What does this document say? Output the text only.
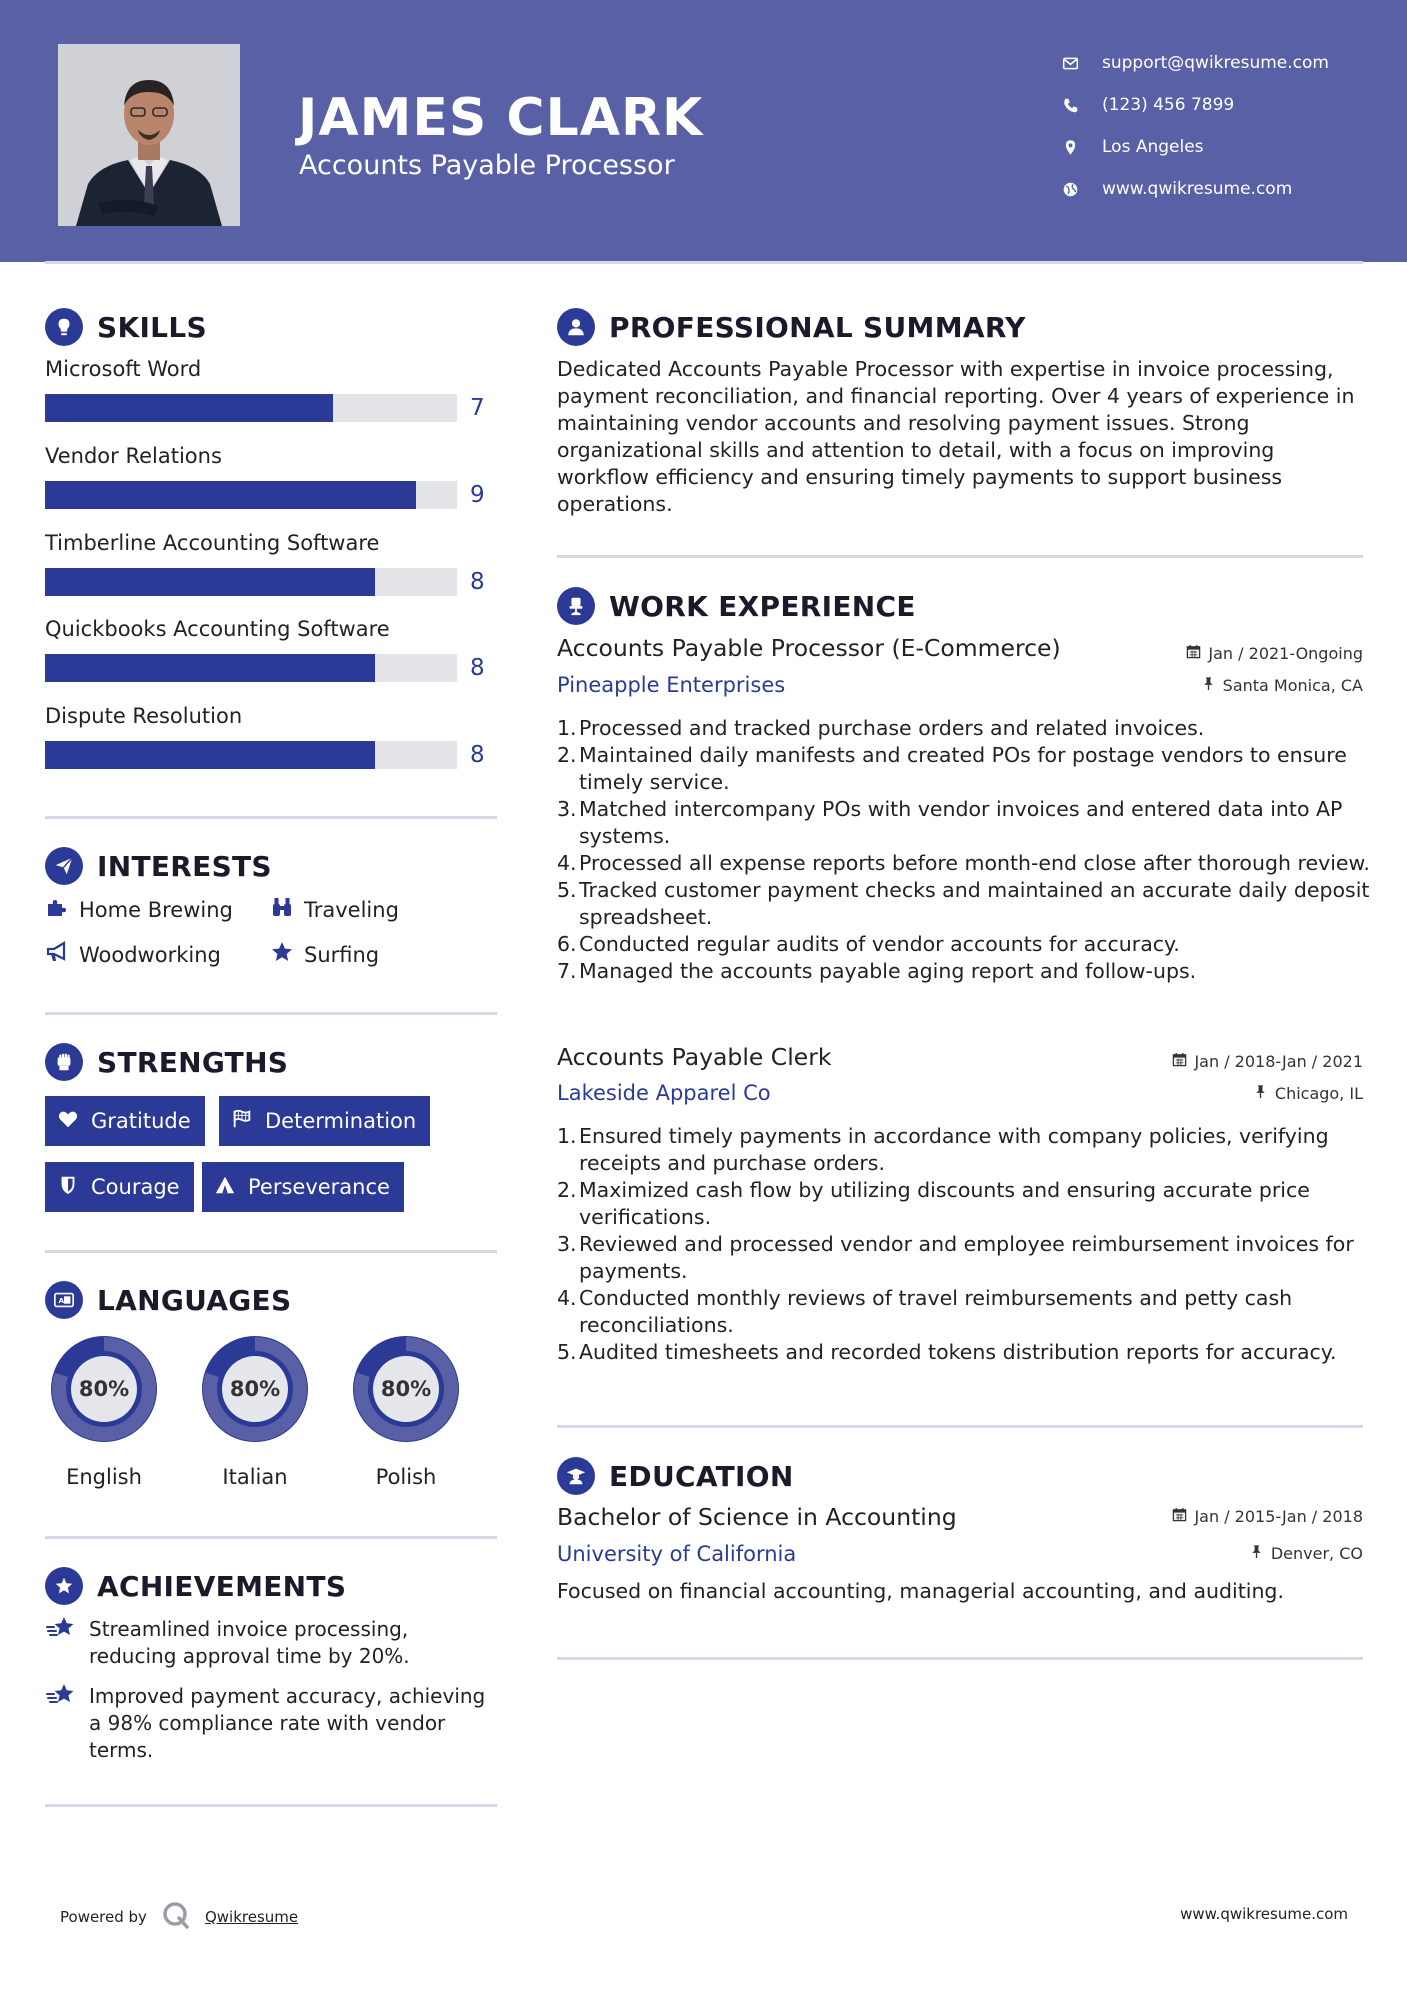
JAMES CLARK
Accounts Payable Processor
support@qwikresume.com
(123) 456 7899
Los Angeles
www.qwikresume.com
SKILLS
Microsoft Word
7
Vendor Relations
9
Timberline Accounting Software
8
Quickbooks Accounting Software
8
Dispute Resolution
8
INTERESTS
Home Brewing	Traveling
Woodworking	Surfing
STRENGTHS
Gratitude	Determination
Courage	Perseverance
A LANGUAGES
80%
English
80%
Italian
80%
Polish
ACHIEVEMENTS
Streamlined invoice processing, reducing approval time by 20%.
Improved payment accuracy, achieving a 98% compliance rate with vendor terms.
PROFESSIONAL SUMMARY
Dedicated Accounts Payable Processor with expertise in invoice processing, payment reconciliation, and financial reporting. Over 4 years of experience in maintaining vendor accounts and resolving payment issues. Strong organizational skills and attention to detail, with a focus on improving workflow efficiency and ensuring timely payments to support business operations.
WORK EXPERIENCE
Accounts Payable Processor (E-Commerce)	Jan / 2021-Ongoing
Pineapple Enterprises	Santa Monica, CA
1. Processed and tracked purchase orders and related invoices.
2. Maintained daily manifests and created POs for postage vendors to ensure timely service.
3. Matched intercompany POs with vendor invoices and entered data into AP systems.
4. Processed all expense reports before month-end close after thorough review.
5. Tracked customer payment checks and maintained an accurate daily deposit spreadsheet.
6. Conducted regular audits of vendor accounts for accuracy.
7. Managed the accounts payable aging report and follow-ups.
Accounts Payable Clerk	Jan / 2018-Jan / 2021
Lakeside Apparel Co	Chicago, IL
1. Ensured timely payments in accordance with company policies, verifying receipts and purchase orders.
2. Maximized cash flow by utilizing discounts and ensuring accurate price verifications.
3. Reviewed and processed vendor and employee reimbursement invoices for payments.
4. Conducted monthly reviews of travel reimbursements and petty cash reconciliations.
5. Audited timesheets and recorded tokens distribution reports for accuracy.
EDUCATION
Bachelor of Science in Accounting	Jan / 2015-Jan / 2018
University of California	Denver, CO
Focused on financial accounting, managerial accounting, and auditing.
Powered by	Qwikresume	www.qwikresume.com
